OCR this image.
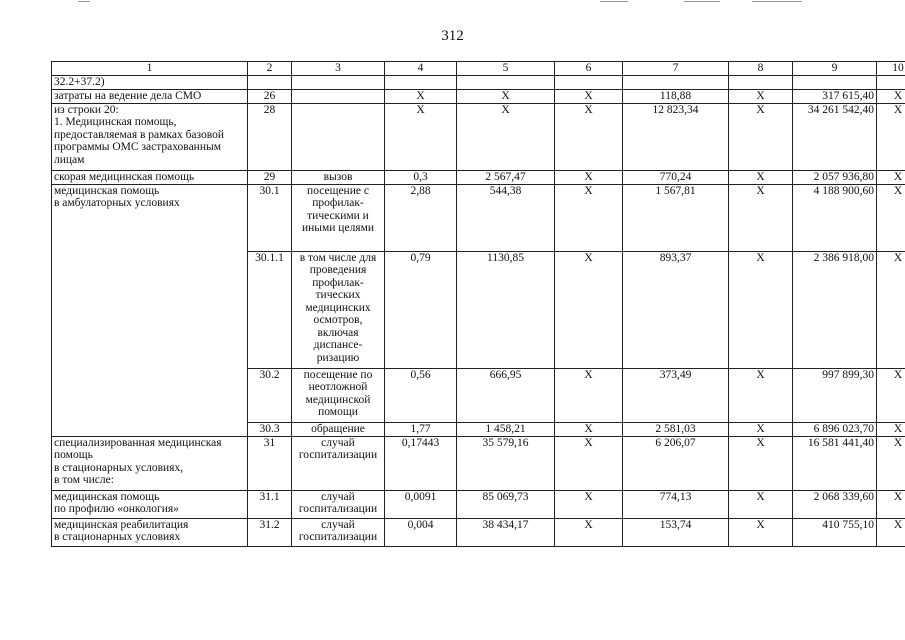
312
1	2	3	4	5	6	7	8	9	10
32.2+37.2)									
затраты на ведение дела СМО	26		X	X	X	118,88	X	317 615,40	X
из строки 20:
1. Медицинская помощь, предоставляемая в рамках базовой программы ОМС застрахованным лицам	28		X	X	X	12 823,34	X	34 261 542,40	X
скорая медицинская помощь	29	вызов	0,3	2 567,47	X	770,24	X	2 057 936,80	X
медицинская помощь
в амбулаторных условиях	30.1	посещение с профилак-тическими и иными целями	2,88	544,38	X	1 567,81	X	4 188 900,60	X
	30.1.1	в том числе для проведения профилак-тических медицинских осмотров, включая диспансе-ризацию	0,79	1130,85	X	893,37	X	2 386 918,00	X
	30.2	посещение по неотложной медицинской помощи	0,56	666,95	X	373,49	X	997 899,30	X
	30.3	обращение	1,77	1 458,21	X	2 581,03	X	6 896 023,70	X
специализированная медицинская помощь
в стационарных условиях,
в том числе:	31	случай госпитализации	0,17443	35 579,16	X	6 206,07	X	16 581 441,40	X
медицинская помощь
по профилю «онкология»	31.1	случай госпитализации	0,0091	85 069,73	X	774,13	X	2 068 339,60	X
медицинская реабилитация
в стационарных условиях	31.2	случай госпитализации	0,004	38 434,17	X	153,74	X	410 755,10	X
